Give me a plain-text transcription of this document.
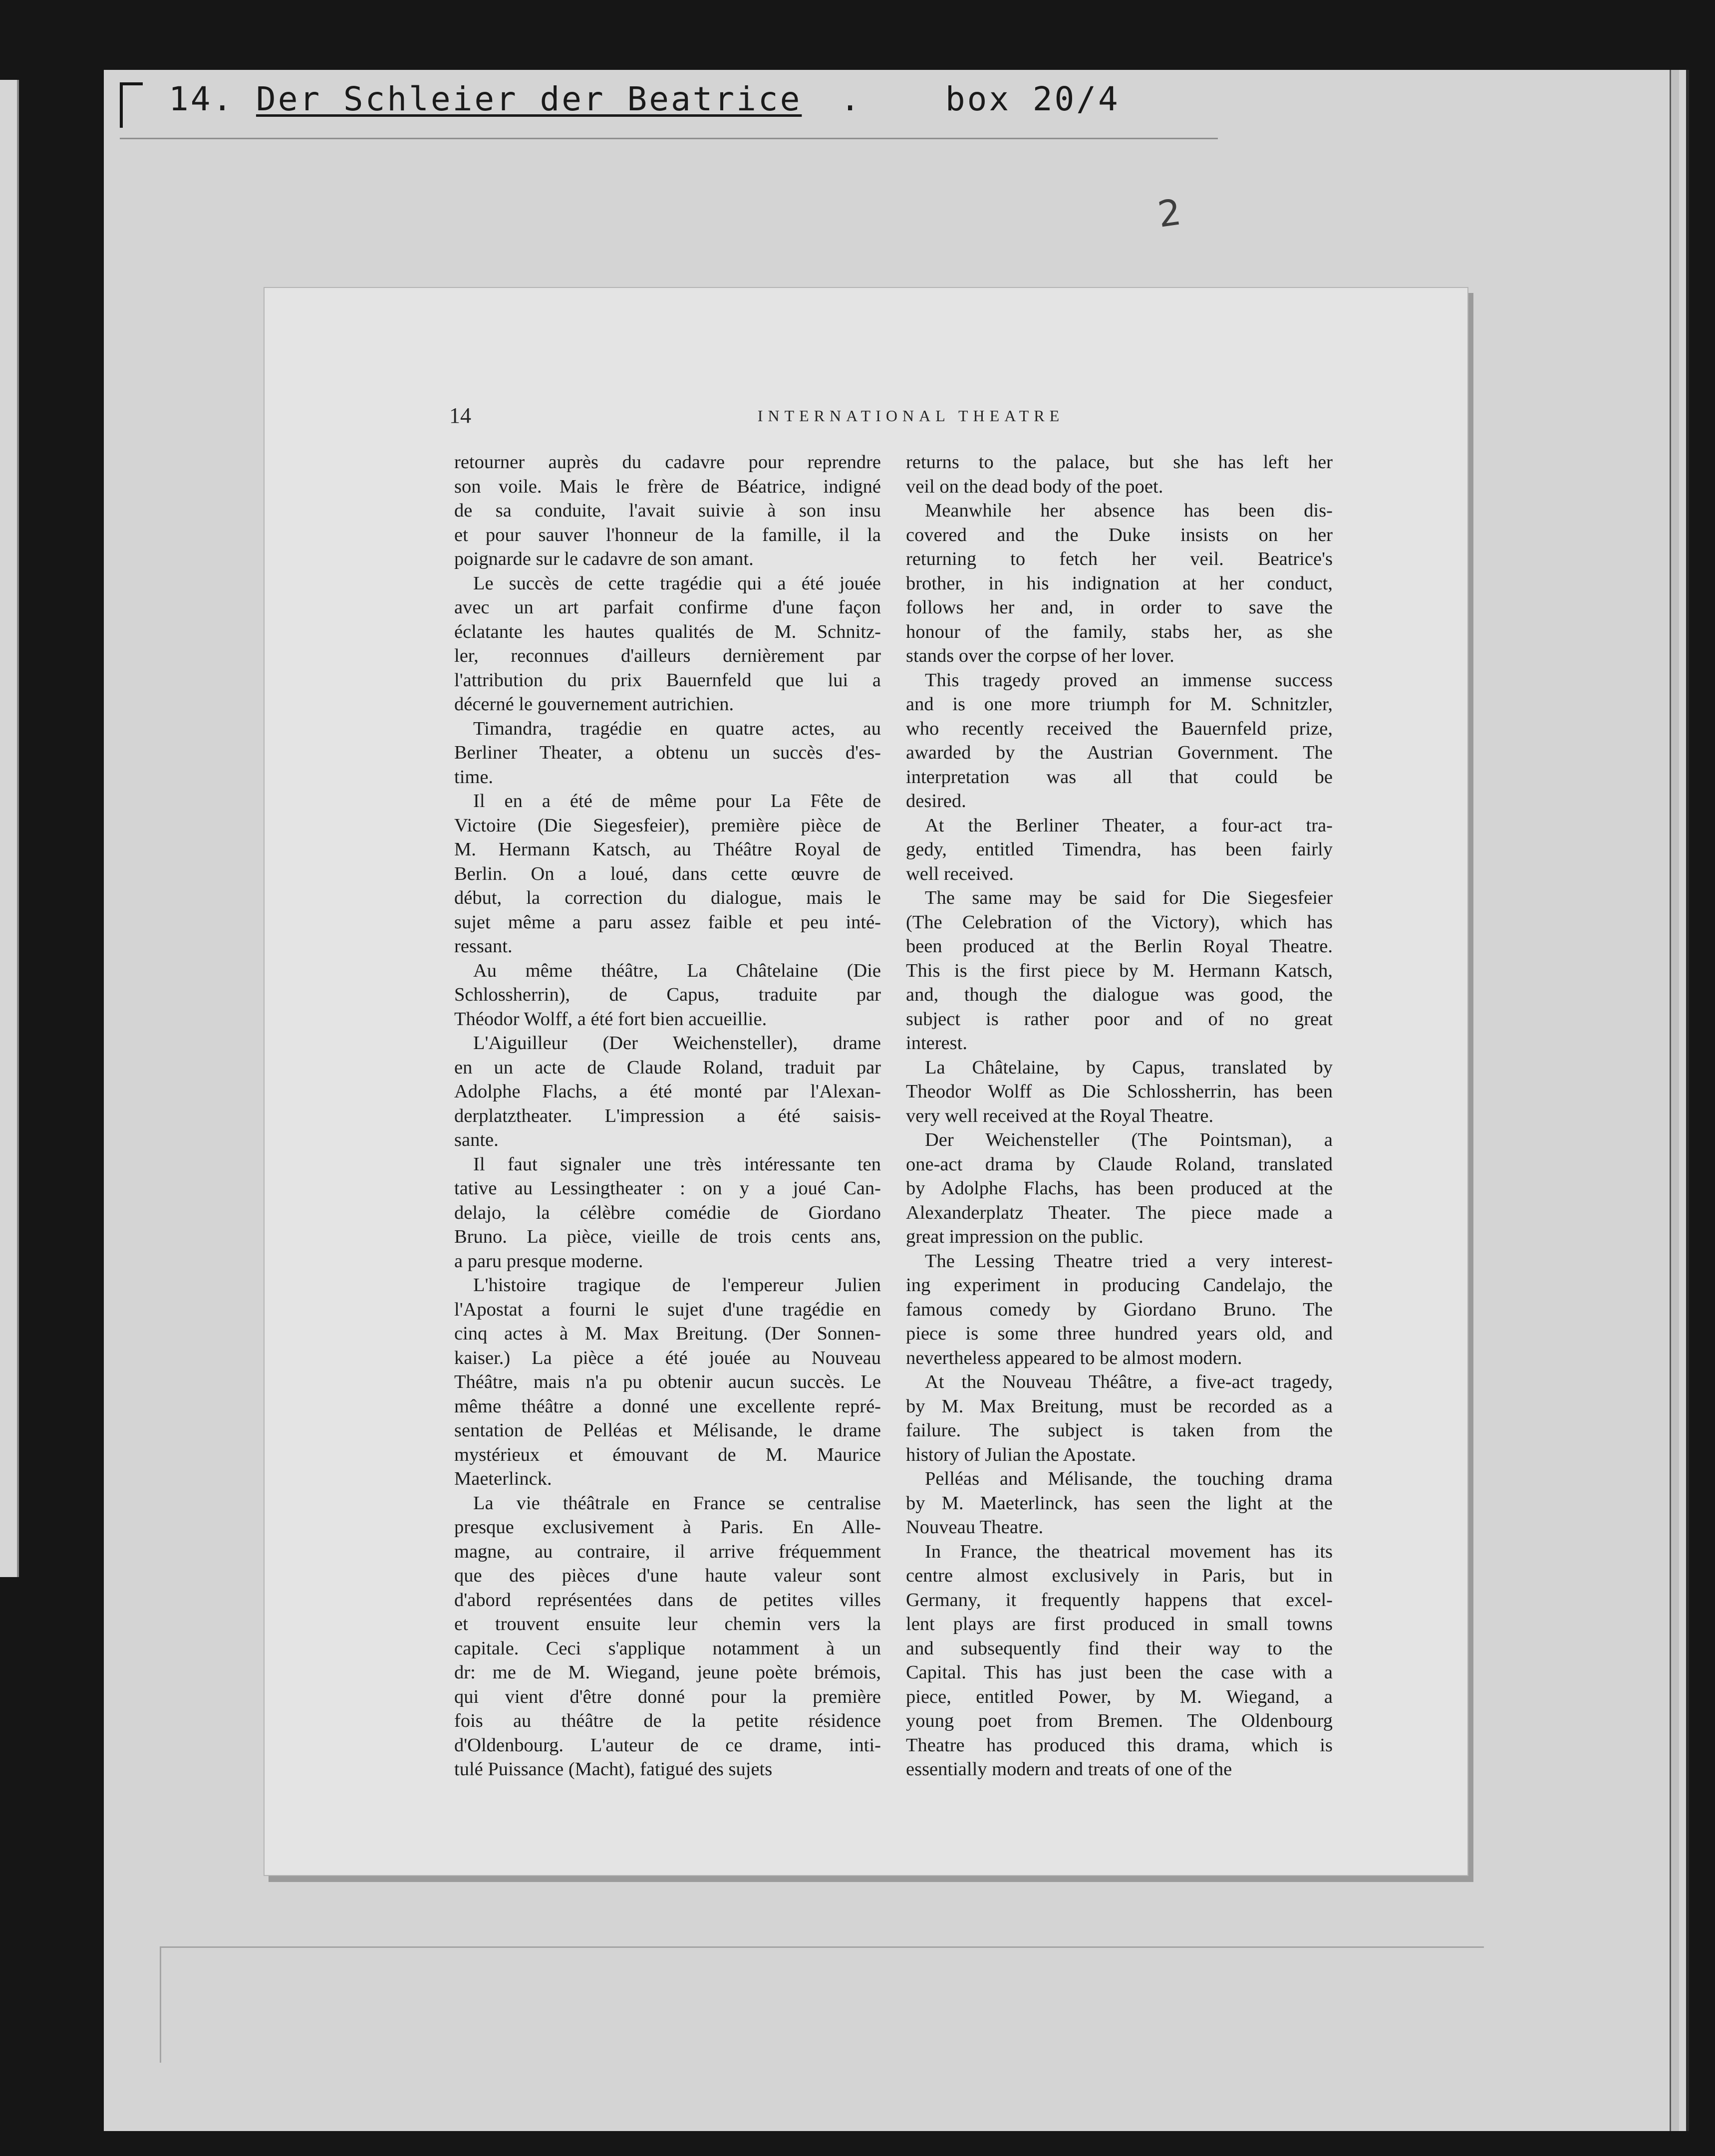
14. Der Schleier der Beatrice .	box 20/4
2
14	INTERNATIONAL THEATRE
retourner auprès du cadavre pour reprendre
son voile. Mais le frère de Béatrice, indigné
de sa conduite, l'avait suivie à son insu
et pour sauver l'honneur de la famille, il la
poignarde sur le cadavre de son amant.
Le succès de cette tragédie qui a été jouée
avec un art parfait confirme d'une façon
éclatante les hautes qualités de M. Schnitz-
ler, reconnues d'ailleurs dernièrement par
l'attribution du prix Bauernfeld que lui a
décerné le gouvernement autrichien.
Timandra, tragédie en quatre actes, au
Berliner Theater, a obtenu un succès d'es-
time.
Il en a été de même pour La Fête de
Victoire (Die Siegesfeier), première pièce de
M. Hermann Katsch, au Théâtre Royal de
Berlin. On a loué, dans cette œuvre de
début, la correction du dialogue, mais le
sujet même a paru assez faible et peu inté-
ressant.
Au même théâtre, La Châtelaine (Die
Schlossherrin), de Capus, traduite par
Théodor Wolff, a été fort bien accueillie.
L'Aiguilleur (Der Weichensteller), drame
en un acte de Claude Roland, traduit par
Adolphe Flachs, a été monté par l'Alexan-
derplatztheater. L'impression a été saisis-
sante.
Il faut signaler une très intéressante ten
tative au Lessingtheater : on y a joué Can-
delajo, la célèbre comédie de Giordano
Bruno. La pièce, vieille de trois cents ans,
a paru presque moderne.
L'histoire tragique de l'empereur Julien
l'Apostat a fourni le sujet d'une tragédie en
cinq actes à M. Max Breitung. (Der Sonnen-
kaiser.) La pièce a été jouée au Nouveau
Théâtre, mais n'a pu obtenir aucun succès. Le
même théâtre a donné une excellente repré-
sentation de Pelléas et Mélisande, le drame
mystérieux et émouvant de M. Maurice
Maeterlinck.
La vie théâtrale en France se centralise
presque exclusivement à Paris. En Alle-
magne, au contraire, il arrive fréquemment
que des pièces d'une haute valeur sont
d'abord représentées dans de petites villes
et trouvent ensuite leur chemin vers la
capitale. Ceci s'applique notamment à un
dr: me de M. Wiegand, jeune poète brémois,
qui vient d'être donné pour la première
fois au théâtre de la petite résidence
d'Oldenbourg. L'auteur de ce drame, inti-
tulé Puissance (Macht), fatigué des sujets
returns to the palace, but she has left her
veil on the dead body of the poet.
Meanwhile her absence has been dis-
covered and the Duke insists on her
returning to fetch her veil. Beatrice's
brother, in his indignation at her conduct,
follows her and, in order to save the
honour of the family, stabs her, as she
stands over the corpse of her lover.
This tragedy proved an immense success
and is one more triumph for M. Schnitzler,
who recently received the Bauernfeld prize,
awarded by the Austrian Government. The
interpretation was all that could be
desired.
At the Berliner Theater, a four-act tra-
gedy, entitled Timendra, has been fairly
well received.
The same may be said for Die Siegesfeier
(The Celebration of the Victory), which has
been produced at the Berlin Royal Theatre.
This is the first piece by M. Hermann Katsch,
and, though the dialogue was good, the
subject is rather poor and of no great
interest.
La Châtelaine, by Capus, translated by
Theodor Wolff as Die Schlossherrin, has been
very well received at the Royal Theatre.
Der Weichensteller (The Pointsman), a
one-act drama by Claude Roland, translated
by Adolphe Flachs, has been produced at the
Alexanderplatz Theater. The piece made a
great impression on the public.
The Lessing Theatre tried a very interest-
ing experiment in producing Candelajo, the
famous comedy by Giordano Bruno. The
piece is some three hundred years old, and
nevertheless appeared to be almost modern.
At the Nouveau Théâtre, a five-act tragedy,
by M. Max Breitung, must be recorded as a
failure. The subject is taken from the
history of Julian the Apostate.
Pelléas and Mélisande, the touching drama
by M. Maeterlinck, has seen the light at the
Nouveau Theatre.
In France, the theatrical movement has its
centre almost exclusively in Paris, but in
Germany, it frequently happens that excel-
lent plays are first produced in small towns
and subsequently find their way to the
Capital. This has just been the case with a
piece, entitled Power, by M. Wiegand, a
young poet from Bremen. The Oldenbourg
Theatre has produced this drama, which is
essentially modern and treats of one of the
